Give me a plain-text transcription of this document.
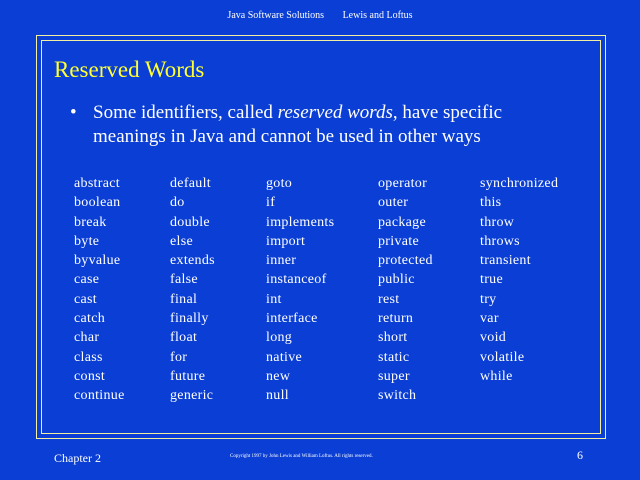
Java Software Solutions Lewis and Loftus
Reserved Words
• Some identifiers, called reserved words, have specific meanings in Java and cannot be used in other ways
abstract
boolean
break
byte
byvalue
case
cast
catch
char
class
const
continue
default
do
double
else
extends
false
final
finally
float
for
future
generic
goto
if
implements
import
inner
instanceof
int
interface
long
native
new
null
operator
outer
package
private
protected
public
rest
return
short
static
super
switch
synchronized
this
throw
throws
transient
true
try
var
void
volatile
while
Chapter 2	Copyright 1997 by John Lewis and William Loftus. All rights reserved.	6
